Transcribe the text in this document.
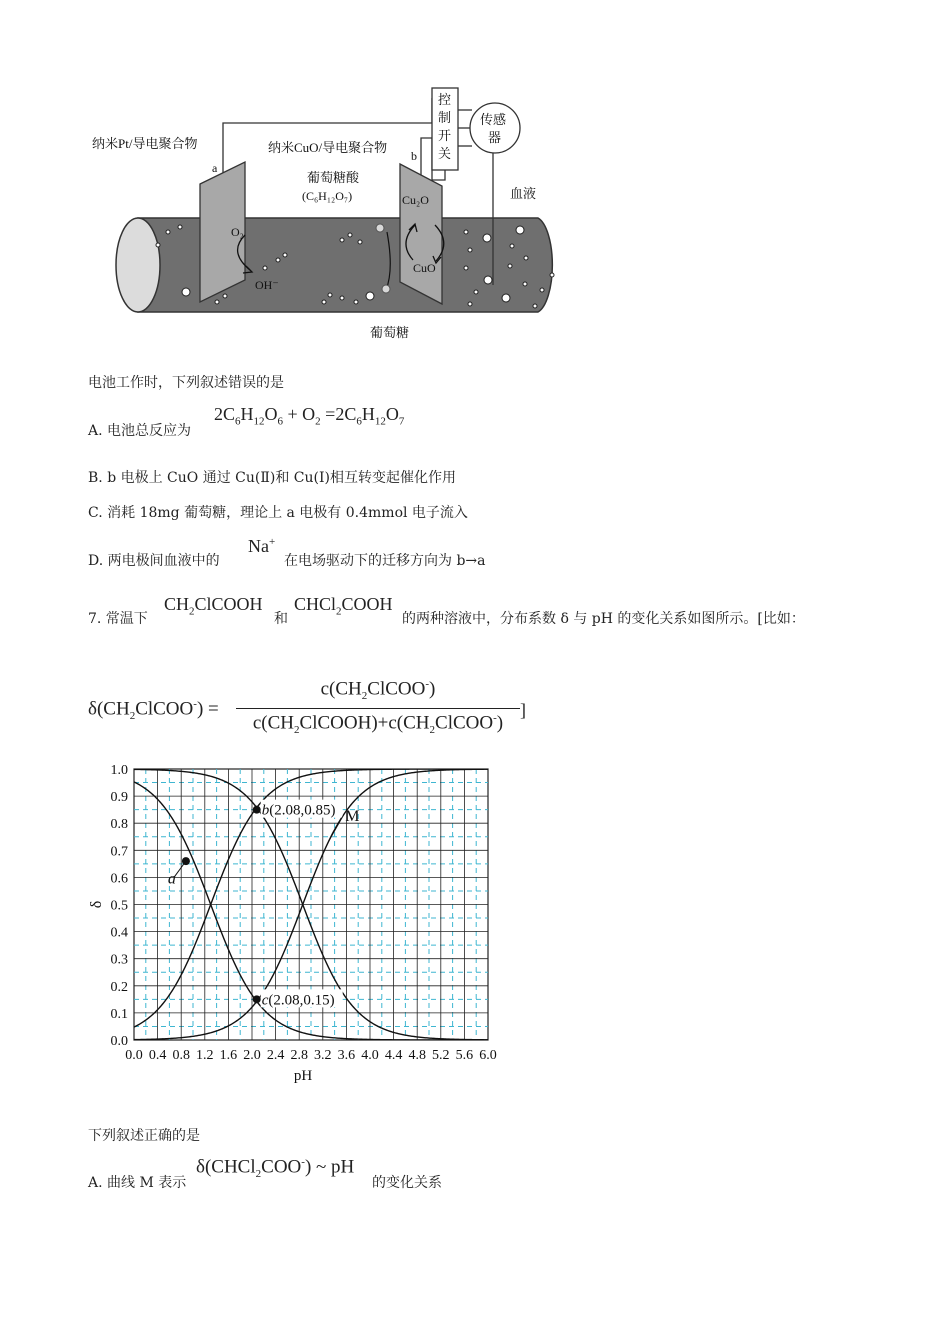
纳米Pt/导电聚合物
a
纳米CuO/导电聚合物
b
控
制
开
关
传感
器
葡萄糖酸
(C₆H₁₂O₇)	血液
葡萄糖
O₂
OH⁻
Cu₂O
CuO
电池工作时，下列叙述错误的是
A. 电池总反应为
$2C_6H_{12}O_6 + O_2 =2C_6H_{12}O_7$
B. b 电极上 CuO 通过 Cu(Ⅱ)和 Cu(Ⅰ)相互转变起催化作用
C. 消耗 18mg 葡萄糖，理论上 a 电极有 0.4mmol 电子流入
D. 两电极间血液中的
Na+
在电场驱动下的迁移方向为 b→a
7. 常温下
$CH_2ClCOOH$
和
CHCl$_2$COOH
的两种溶液中，分布系数 δ 与 pH 的变化关系如图所示。[比如：
$\delta(CH_2ClCOO^-)$ =
$c(CH_2ClCOO^-)$
$c(CH_2ClCOOH)+c(CH_2ClCOO^-)$
]
0.0 0.4 0.8 1.2 1.6 2.0 2.4 2.8 3.2 3.6 4.0 4.4 4.8 5.2 5.6 6.0
0.0
0.1
0.2
0.3
0.4
0.5
0.6
0.7
0.8
0.9
1.0
pH
δ
a
b(2.08,0.85)
c(2.08,0.15)
M
下列叙述正确的是
A. 曲线 M 表示
δ(CHCl$_2$COO-) ~ pH
的变化关系
